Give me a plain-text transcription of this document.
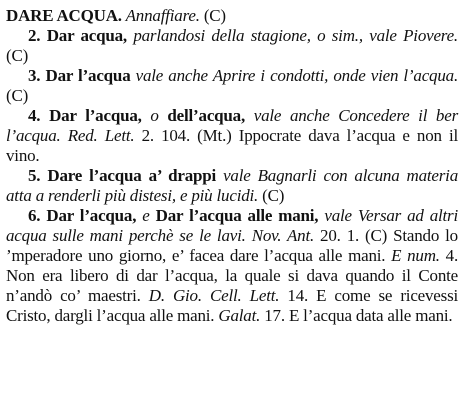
DARE ACQUA. Annaffiare. (C)

2. Dar acqua, parlandosi della stagione, o sim., vale Piovere. (C)

3. Dar l’acqua vale anche Aprire i condotti, onde vien l’acqua. (C)

4. Dar l’acqua, o dell’acqua, vale anche Concedere il ber l’acqua. Red. Lett. 2. 104. (Mt.) Ippocrate dava l’acqua e non il vino.

5. Dare l’acqua a’ drappi vale Bagnarli con alcuna materia atta a renderli più distesi, e più lucidi. (C)

6. Dar l’acqua, e Dar l’acqua alle mani, vale Versar ad altri acqua sulle mani perchè se le lavi. Nov. Ant. 20. 1. (C) Stando lo ’mperadore uno giorno, e’ facea dare l’acqua alle mani. E num. 4. Non era libero di dar l’acqua, la quale si dava quando il Conte n’andò co’ maestri. D. Gio. Cell. Lett. 14. E come se ricevessi Cristo, dargli l’acqua alle mani. Galat. 17. E l’acqua data alle mani.
